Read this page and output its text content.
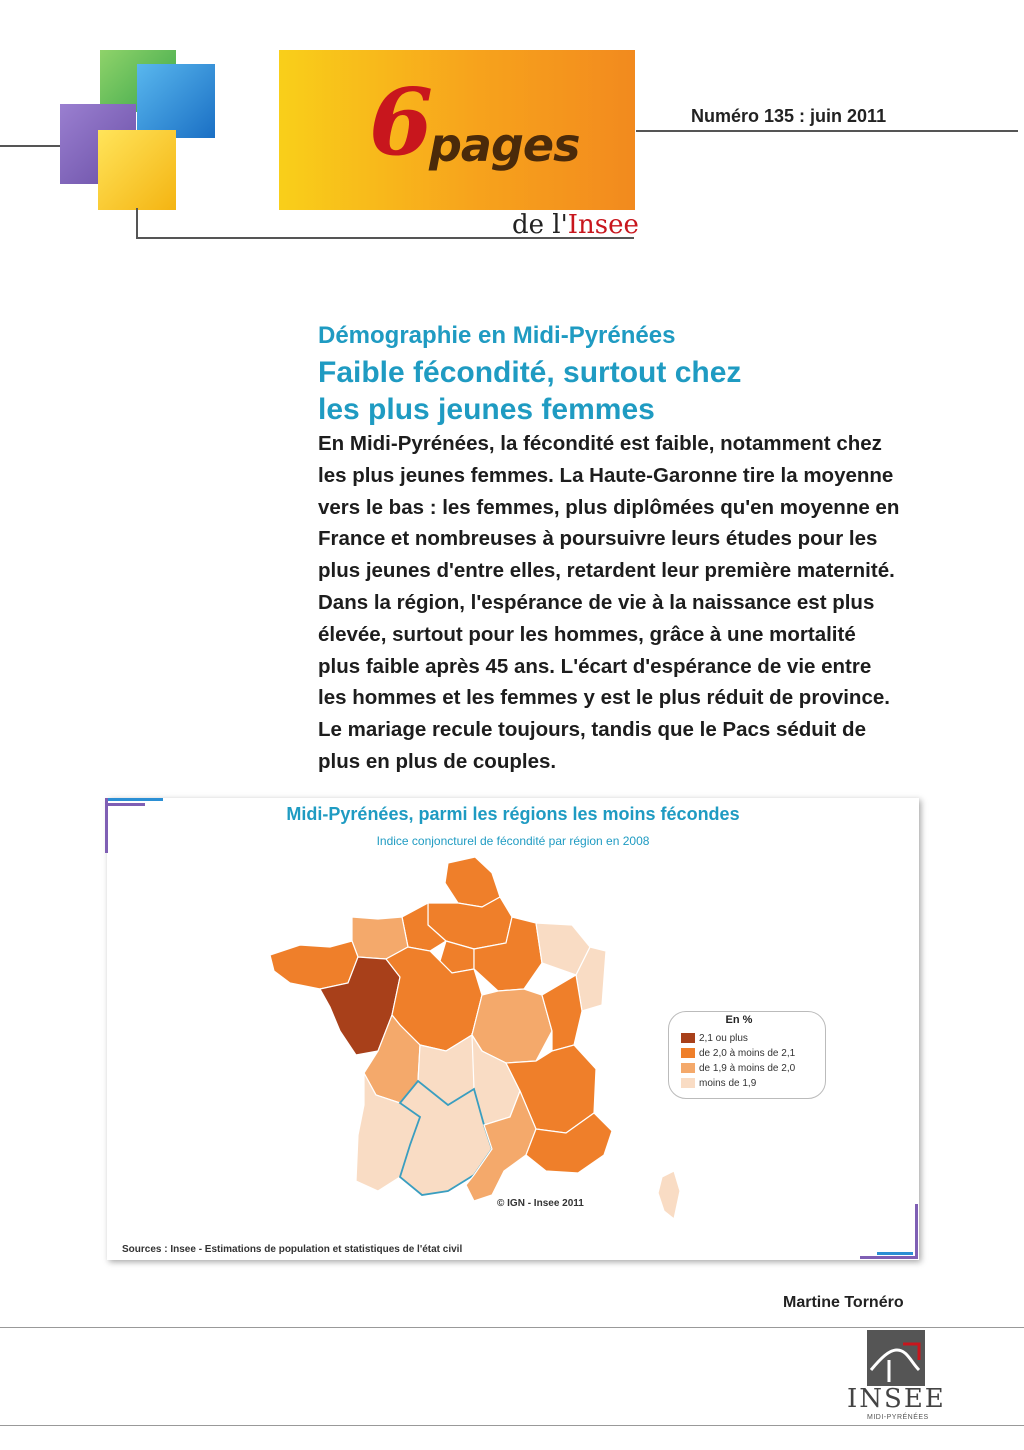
6
pages
de l'Insee
Numéro 135 : juin 2011
Démographie en Midi-Pyrénées
Faible fécondité, surtout chez
les plus jeunes femmes
En Midi-Pyrénées, la fécondité est faible, notamment chez
les plus jeunes femmes. La Haute-Garonne tire la moyenne
vers le bas : les femmes, plus diplômées qu'en moyenne en
France et nombreuses à poursuivre leurs études pour les
plus jeunes d'entre elles, retardent leur première maternité.
Dans la région, l'espérance de vie à la naissance est plus
élevée, surtout pour les hommes, grâce à une mortalité
plus faible après 45 ans. L'écart d'espérance de vie entre
les hommes et les femmes y est le plus réduit de province.
Le mariage recule toujours, tandis que le Pacs séduit de
plus en plus de couples.
Midi-Pyrénées, parmi les régions les moins fécondes
Indice conjoncturel de fécondité par région en 2008
© IGN - Insee 2011
En %
2,1 ou plus
de 2,0 à moins de 2,1
de 1,9 à moins de 2,0
moins de 1,9
Sources : Insee - Estimations de population et statistiques de l'état civil
Martine Tornéro
INSEE
MIDI-PYRÉNÉES
